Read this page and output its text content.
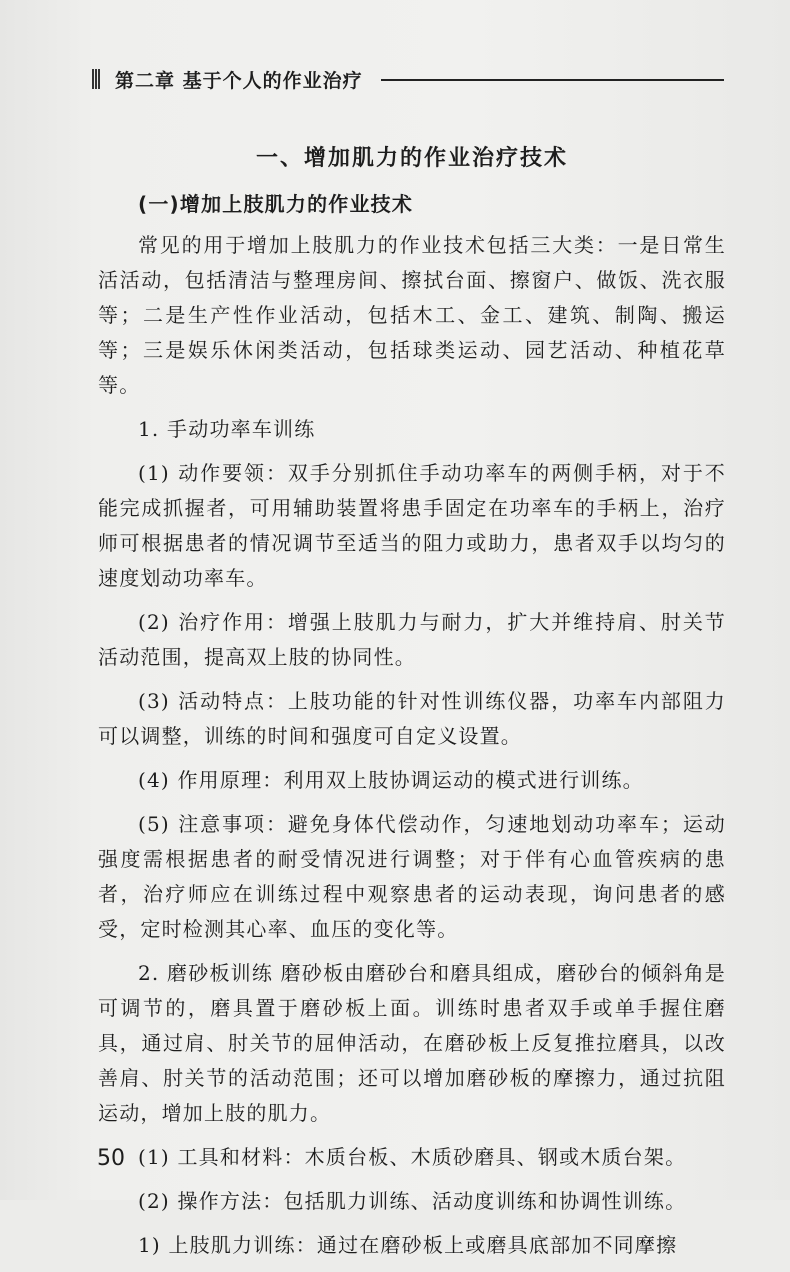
第二章 基于个人的作业治疗
一、增加肌力的作业治疗技术
(一)增加上肢肌力的作业技术

常见的用于增加上肢肌力的作业技术包括三大类：一是日常生活活动，包括清洁与整理房间、擦拭台面、擦窗户、做饭、洗衣服等；二是生产性作业活动，包括木工、金工、建筑、制陶、搬运等；三是娱乐休闲类活动，包括球类运动、园艺活动、种植花草等。

1. 手动功率车训练

(1) 动作要领：双手分别抓住手动功率车的两侧手柄，对于不能完成抓握者，可用辅助装置将患手固定在功率车的手柄上，治疗师可根据患者的情况调节至适当的阻力或助力，患者双手以均匀的速度划动功率车。

(2) 治疗作用：增强上肢肌力与耐力，扩大并维持肩、肘关节活动范围，提高双上肢的协同性。

(3) 活动特点：上肢功能的针对性训练仪器，功率车内部阻力可以调整，训练的时间和强度可自定义设置。

(4) 作用原理：利用双上肢协调运动的模式进行训练。

(5) 注意事项：避免身体代偿动作，匀速地划动功率车；运动强度需根据患者的耐受情况进行调整；对于伴有心血管疾病的患者，治疗师应在训练过程中观察患者的运动表现，询问患者的感受，定时检测其心率、血压的变化等。

2. 磨砂板训练 磨砂板由磨砂台和磨具组成，磨砂台的倾斜角是可调节的，磨具置于磨砂板上面。训练时患者双手或单手握住磨具，通过肩、肘关节的屈伸活动，在磨砂板上反复推拉磨具，以改善肩、肘关节的活动范围；还可以增加磨砂板的摩擦力，通过抗阻运动，增加上肢的肌力。

(1) 工具和材料：木质台板、木质砂磨具、钢或木质台架。

(2) 操作方法：包括肌力训练、活动度训练和协调性训练。

1) 上肢肌力训练：通过在磨砂板上或磨具底部加不同摩擦

50
